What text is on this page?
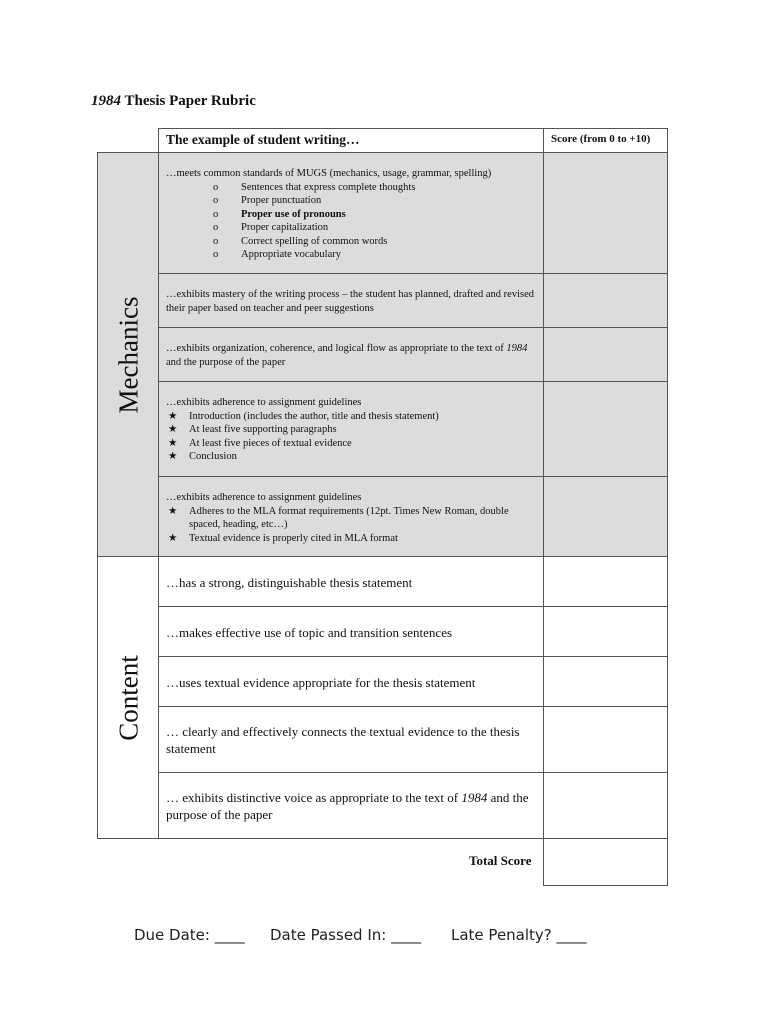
1984 Thesis Paper Rubric
The example of student writing…	Score (from 0 to +10)
Mechanics
Content
…meets common standards of MUGS (mechanics, usage, grammar, spelling)
o Sentences that express complete thoughts
o Proper punctuation
o Proper use of pronouns
o Proper capitalization
o Correct spelling of common words
o Appropriate vocabulary
…exhibits mastery of the writing process – the student has planned, drafted and revised their paper based on teacher and peer suggestions
…exhibits organization, coherence, and logical flow as appropriate to the text of 1984 and the purpose of the paper
…exhibits adherence to assignment guidelines
★ Introduction (includes the author, title and thesis statement)
★ At least five supporting paragraphs
★ At least five pieces of textual evidence
★ Conclusion
…exhibits adherence to assignment guidelines
★ Adheres to the MLA format requirements (12pt. Times New Roman, double spaced, heading, etc…)
★ Textual evidence is properly cited in MLA format
…has a strong, distinguishable thesis statement
…makes effective use of topic and transition sentences
…uses textual evidence appropriate for the thesis statement
… clearly and effectively connects the textual evidence to the thesis statement
… exhibits distinctive voice as appropriate to the text of 1984 and the purpose of the paper
Total Score
Due Date: ____ Date Passed In: ____ Late Penalty? ____
